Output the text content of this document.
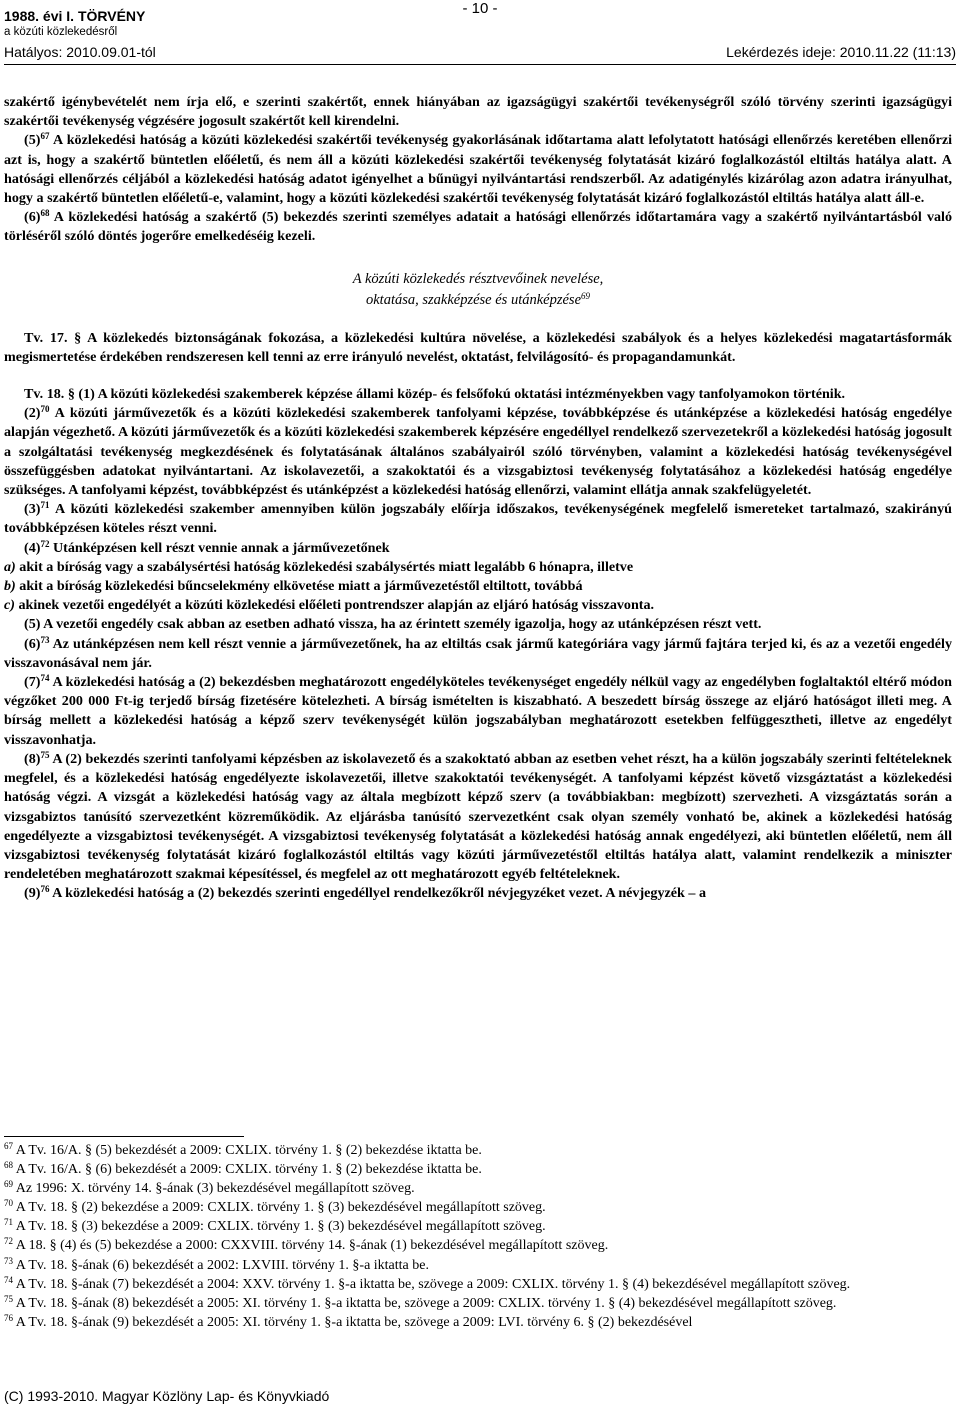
- 10 -
1988. évi I. TÖRVÉNY
a közúti közlekedésről
Hatályos: 2010.09.01-tól	Lekérdezés ideje: 2010.11.22 (11:13)

szakértő igénybevételét nem írja elő, e szerinti szakértőt, ennek hiányában az igazságügyi szakértői tevékenységről szóló törvény szerinti igazságügyi szakértői tevékenység végzésére jogosult szakértőt kell kirendelni.

$(5)^{67}$ A közlekedési hatóság a közúti közlekedési szakértői tevékenység gyakorlásának időtartama alatt lefolytatott hatósági ellenőrzés keretében ellenőrzi azt is, hogy a szakértő büntetlen előéletű, és nem áll a közúti közlekedési szakértői tevékenység folytatását kizáró foglalkozástól eltiltás hatálya alatt. A hatósági ellenőrzés céljából a közlekedési hatóság adatot igényelhet a bűnügyi nyilvántartási rendszerből. Az adatigénylés kizárólag azon adatra irányulhat, hogy a szakértő büntetlen előéletű-e, valamint, hogy a közúti közlekedési szakértői tevékenység folytatását kizáró foglalkozástól eltiltás hatálya alatt áll-e.

$(6)^{68}$ A közlekedési hatóság a szakértő (5) bekezdés szerinti személyes adatait a hatósági ellenőrzés időtartamára vagy a szakértő nyilvántartásból való törléséről szóló döntés jogerőre emelkedéséig kezeli.

A közúti közlekedés résztvevőinek nevelése,

oktatása, szakképzése és utánképzése$^{69}$

Tv. 17. § A közlekedés biztonságának fokozása, a közlekedési kultúra növelése, a közlekedési szabályok és a helyes közlekedési magatartásformák megismertetése érdekében rendszeresen kell tenni az erre irányuló nevelést, oktatást, felvilágosító- és propagandamunkát.

Tv. 18. § (1) A közúti közlekedési szakemberek képzése állami közép- és felsőfokú oktatási intézményekben vagy tanfolyamokon történik.

$(2)^{70}$ A közúti járművezetők és a közúti közlekedési szakemberek tanfolyami képzése, továbbképzése és utánképzése a közlekedési hatóság engedélye alapján végezhető. A közúti járművezetők és a közúti közlekedési szakemberek képzésére engedéllyel rendelkező szervezetekről a közlekedési hatóság jogosult a szolgáltatási tevékenység megkezdésének és folytatásának általános szabályairól szóló törvényben, valamint a közlekedési hatóság tevékenységével összefüggésben adatokat nyilvántartani. Az iskolavezetői, a szakoktatói és a vizsgabiztosi tevékenység folytatásához a közlekedési hatóság engedélye szükséges. A tanfolyami képzést, továbbképzést és utánképzést a közlekedési hatóság ellenőrzi, valamint ellátja annak szakfelügyeletét.

$(3)^{71}$ A közúti közlekedési szakember amennyiben külön jogszabály előírja időszakos, tevékenységének megfelelő ismereteket tartalmazó, szakirányú továbbképzésen köteles részt venni.

$(4)^{72}$ Utánképzésen kell részt vennie annak a járművezetőnek

a) akit a bíróság vagy a szabálysértési hatóság közlekedési szabálysértés miatt legalább 6 hónapra, illetve

b) akit a bíróság közlekedési bűncselekmény elkövetése miatt a járművezetéstől eltiltott, továbbá

c) akinek vezetői engedélyét a közúti közlekedési előéleti pontrendszer alapján az eljáró hatóság visszavonta.

(5) A vezetői engedély csak abban az esetben adható vissza, ha az érintett személy igazolja, hogy az utánképzésen részt vett.

$(6)^{73}$ Az utánképzésen nem kell részt vennie a járművezetőnek, ha az eltiltás csak jármű kategóriára vagy jármű fajtára terjed ki, és az a vezetői engedély visszavonásával nem jár.

$(7)^{74}$ A közlekedési hatóság a (2) bekezdésben meghatározott engedélyköteles tevékenységet engedély nélkül vagy az engedélyben foglaltaktól eltérő módon végzőket 200 000 Ft-ig terjedő bírság fizetésére kötelezheti. A bírság ismételten is kiszabható. A beszedett bírság összege az eljáró hatóságot illeti meg. A bírság mellett a közlekedési hatóság a képző szerv tevékenységét külön jogszabályban meghatározott esetekben felfüggesztheti, illetve az engedélyt visszavonhatja.

$(8)^{75}$ A (2) bekezdés szerinti tanfolyami képzésben az iskolavezető és a szakoktató abban az esetben vehet részt, ha a külön jogszabály szerinti feltételeknek megfelel, és a közlekedési hatóság engedélyezte iskolavezetői, illetve szakoktatói tevékenységét. A tanfolyami képzést követő vizsgáztatást a közlekedési hatóság végzi. A vizsgát a közlekedési hatóság vagy az általa megbízott képző szerv (a továbbiakban: megbízott) szervezheti. A vizsgáztatás során a vizsgabiztos tanúsító szervezetként közreműködik. Az eljárásba tanúsító szervezetként csak olyan személy vonható be, akinek a közlekedési hatóság engedélyezte a vizsgabiztosi tevékenységét. A vizsgabiztosi tevékenység folytatását a közlekedési hatóság annak engedélyezi, aki büntetlen előéletű, nem áll vizsgabiztosi tevékenység folytatását kizáró foglalkozástól eltiltás vagy közúti járművezetéstől eltiltás hatálya alatt, valamint rendelkezik a miniszter rendeletében meghatározott szakmai képesítéssel, és megfelel az ott meghatározott egyéb feltételeknek.

$(9)^{76}$ A közlekedési hatóság a (2) bekezdés szerinti engedéllyel rendelkezőkről névjegyzéket vezet. A névjegyzék – a

$^{67}$ A Tv. 16/A. § (5) bekezdését a 2009: CXLIX. törvény 1. § (2) bekezdése iktatta be.

$^{68}$ A Tv. 16/A. § (6) bekezdését a 2009: CXLIX. törvény 1. § (2) bekezdése iktatta be.

$^{69}$ Az 1996: X. törvény 14. §-ának (3) bekezdésével megállapított szöveg.

$^{70}$ A Tv. 18. § (2) bekezdése a 2009: CXLIX. törvény 1. § (3) bekezdésével megállapított szöveg.

$^{71}$ A Tv. 18. § (3) bekezdése a 2009: CXLIX. törvény 1. § (3) bekezdésével megállapított szöveg.

$^{72}$ A 18. § (4) és (5) bekezdése a 2000: CXXVIII. törvény 14. §-ának (1) bekezdésével megállapított szöveg.

$^{73}$ A Tv. 18. §-ának (6) bekezdését a 2002: LXVIII. törvény 1. §-a iktatta be.

$^{74}$ A Tv. 18. §-ának (7) bekezdését a 2004: XXV. törvény 1. §-a iktatta be, szövege a 2009: CXLIX. törvény 1. § (4) bekezdésével megállapított szöveg.

$^{75}$ A Tv. 18. §-ának (8) bekezdését a 2005: XI. törvény 1. §-a iktatta be, szövege a 2009: CXLIX. törvény 1. § (4) bekezdésével megállapított szöveg.

$^{76}$ A Tv. 18. §-ának (9) bekezdését a 2005: XI. törvény 1. §-a iktatta be, szövege a 2009: LVI. törvény 6. § (2) bekezdésével

(C) 1993-2010. Magyar Közlöny Lap- és Könyvkiadó
